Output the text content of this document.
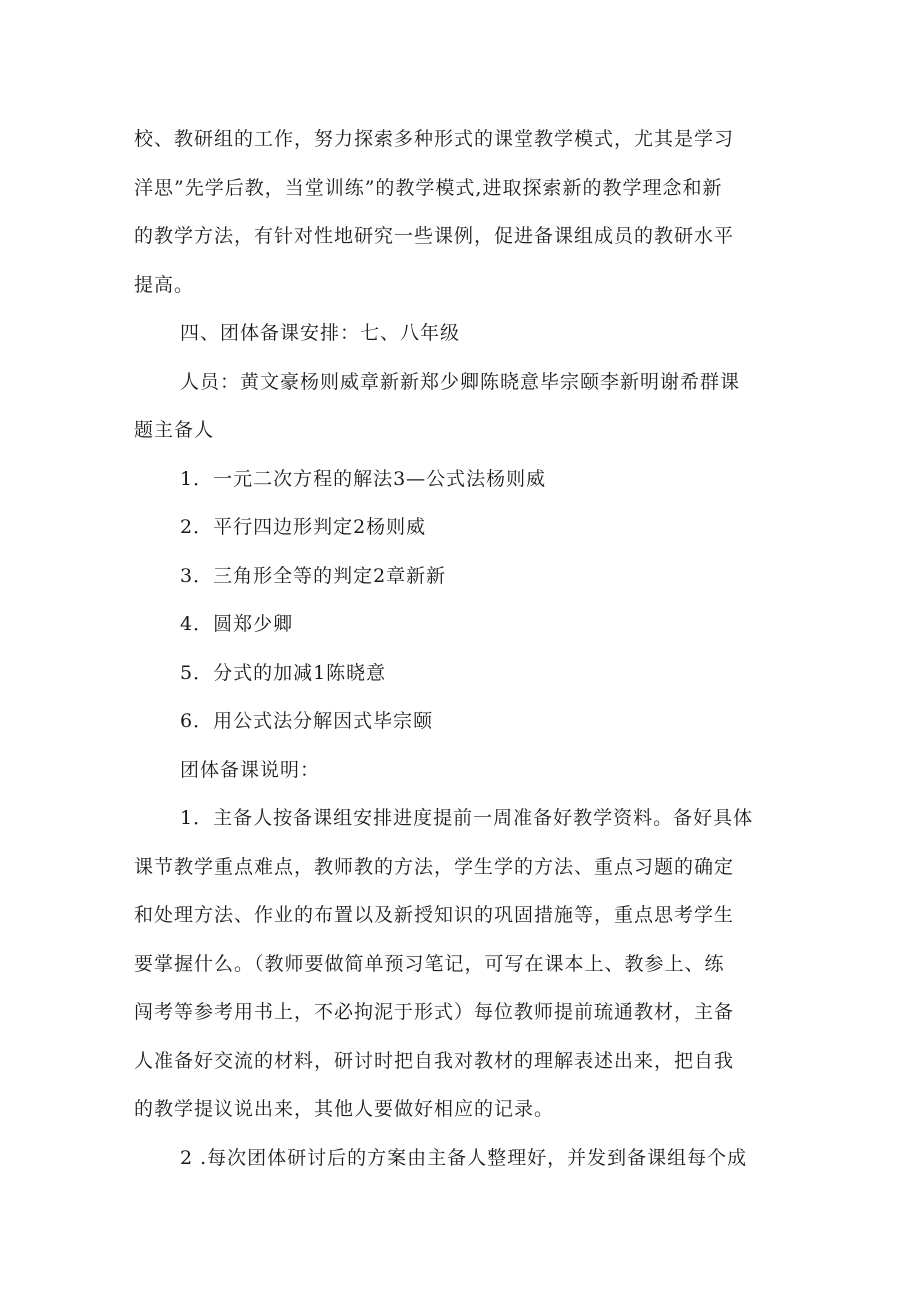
校、教研组的工作，努力探索多种形式的课堂教学模式，尤其是学习
洋思”先学后教，当堂训练”的教学模式,进取探索新的教学理念和新
的教学方法，有针对性地研究一些课例，促进备课组成员的教研水平
提高。
四、团体备课安排：七、八年级
人员：黄文豪杨则威章新新郑少卿陈晓意毕宗颐李新明谢希群课
题主备人
1．一元二次方程的解法3—公式法杨则威
2．平行四边形判定2杨则威
3．三角形全等的判定2章新新
4．圆郑少卿
5．分式的加减1陈晓意
6．用公式法分解因式毕宗颐
团体备课说明：
1．主备人按备课组安排进度提前一周准备好教学资料。备好具体
课节教学重点难点，教师教的方法，学生学的方法、重点习题的确定
和处理方法、作业的布置以及新授知识的巩固措施等，重点思考学生
要掌握什么。（教师要做简单预习笔记，可写在课本上、教参上、练
闯考等参考用书上，不必拘泥于形式）每位教师提前琉通教材，主备
人准备好交流的材料，研讨时把自我对教材的理解表述出来，把自我
的教学提议说出来，其他人要做好相应的记录。
2 .每次团体研讨后的方案由主备人整理好，并发到备课组每个成
